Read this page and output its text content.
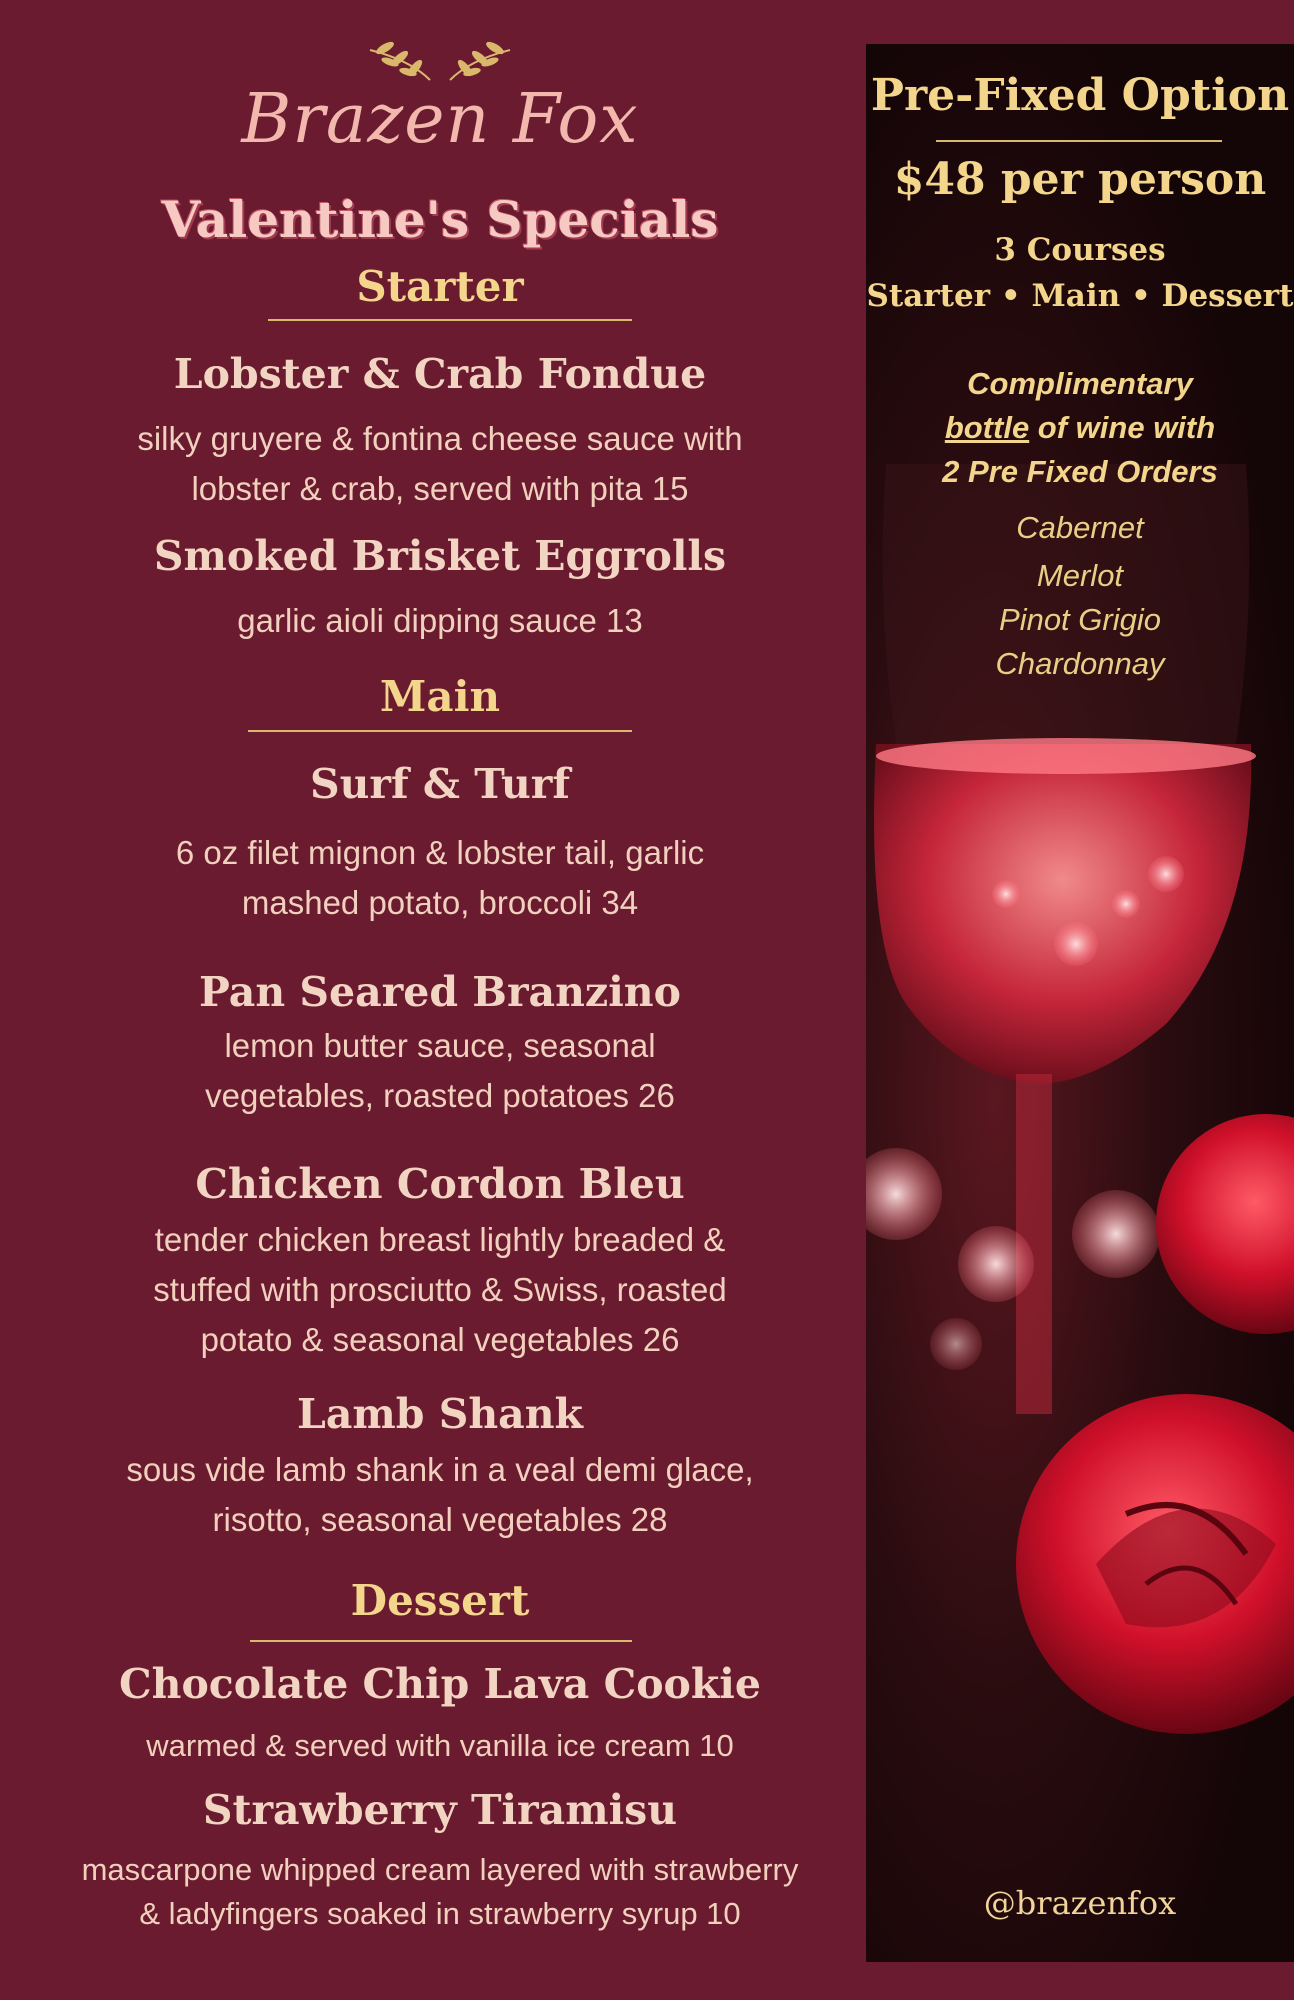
Brazen Fox
Valentine's Specials
Starter
Lobster & Crab Fondue
silky gruyere & fontina cheese sauce with
lobster & crab, served with pita 15
Smoked Brisket Eggrolls
garlic aioli dipping sauce 13
Main
Surf & Turf
6 oz filet mignon & lobster tail, garlic
mashed potato, broccoli 34
Pan Seared Branzino
lemon butter sauce, seasonal
vegetables, roasted potatoes 26
Chicken Cordon Bleu
tender chicken breast lightly breaded &
stuffed with prosciutto & Swiss, roasted
potato & seasonal vegetables 26
Lamb Shank
sous vide lamb shank in a veal demi glace,
risotto, seasonal vegetables 28
Dessert
Chocolate Chip Lava Cookie
warmed & served with vanilla ice cream 10
Strawberry Tiramisu
mascarpone whipped cream layered with strawberry
& ladyfingers soaked in strawberry syrup 10
Pre-Fixed Option
$48 per person
3 Courses
Starter • Main • Dessert
Complimentary
bottle of wine with
2 Pre Fixed Orders
Cabernet
Merlot
Pinot Grigio
Chardonnay
@brazenfox
